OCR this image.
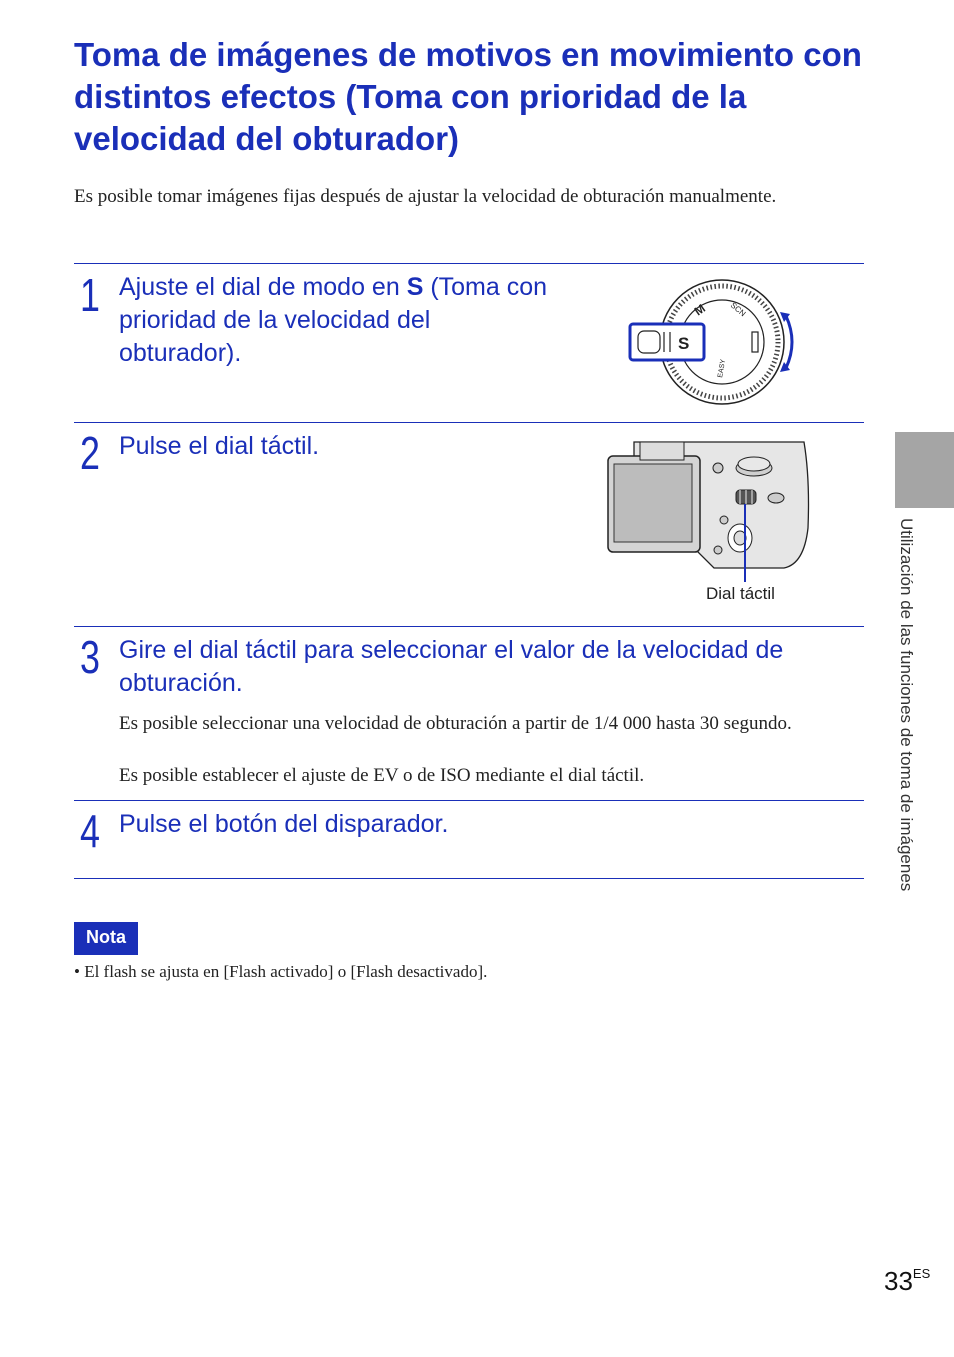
Toma de imágenes de motivos en movimiento con distintos efectos (Toma con prioridad de la velocidad del obturador)

Es posible tomar imágenes fijas después de ajustar la velocidad de obturación manualmente.

1 Ajuste el dial de modo en S (Toma con prioridad de la velocidad del obturador).

M	SCN
EASY
S
2 Pulse el dial táctil.

Dial táctil
3 Gire el dial táctil para seleccionar el valor de la velocidad de obturación.

Es posible seleccionar una velocidad de obturación a partir de 1/4 000 hasta 30 segundo.

Es posible establecer el ajuste de EV o de ISO mediante el dial táctil.

4 Pulse el botón del disparador.

Nota

• El flash se ajusta en [Flash activado] o [Flash desactivado].

Utilización de las funciones de toma de imágenes
$33^{ES}$
